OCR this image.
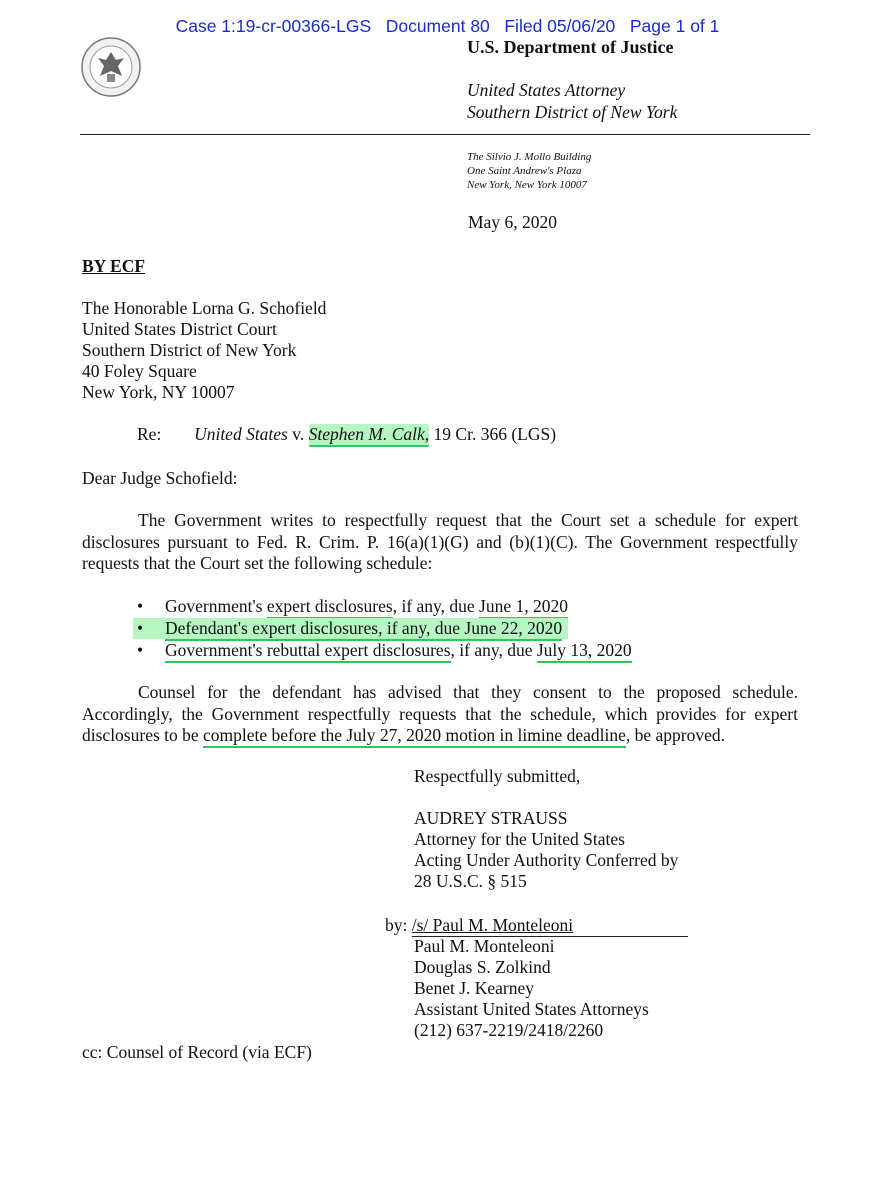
Case 1:19-cr-00366-LGS   Document 80   Filed 05/06/20   Page 1 of 1
U.S. Department of Justice
United States Attorney
Southern District of New York
The Silvio J. Mollo Building
One Saint Andrew's Plaza
New York, New York 10007
May 6, 2020
BY ECF
The Honorable Lorna G. Schofield
United States District Court
Southern District of New York
40 Foley Square
New York, NY 10007
Re: United States v. Stephen M. Calk, 19 Cr. 366 (LGS)
Dear Judge Schofield:
The Government writes to respectfully request that the Court set a schedule for expert disclosures pursuant to Fed. R. Crim. P. 16(a)(1)(G) and (b)(1)(C). The Government respectfully requests that the Court set the following schedule:
• Government's expert disclosures, if any, due June 1, 2020
• Defendant's expert disclosures, if any, due June 22, 2020
• Government's rebuttal expert disclosures, if any, due July 13, 2020
Counsel for the defendant has advised that they consent to the proposed schedule. Accordingly, the Government respectfully requests that the schedule, which provides for expert disclosures to be complete before the July 27, 2020 motion in limine deadline, be approved.
Respectfully submitted,
AUDREY STRAUSS
Attorney for the United States
Acting Under Authority Conferred by
28 U.S.C. § 515
by: /s/ Paul M. Monteleoni
Paul M. Monteleoni
Douglas S. Zolkind
Benet J. Kearney
Assistant United States Attorneys
(212) 637-2219/2418/2260
cc: Counsel of Record (via ECF)
